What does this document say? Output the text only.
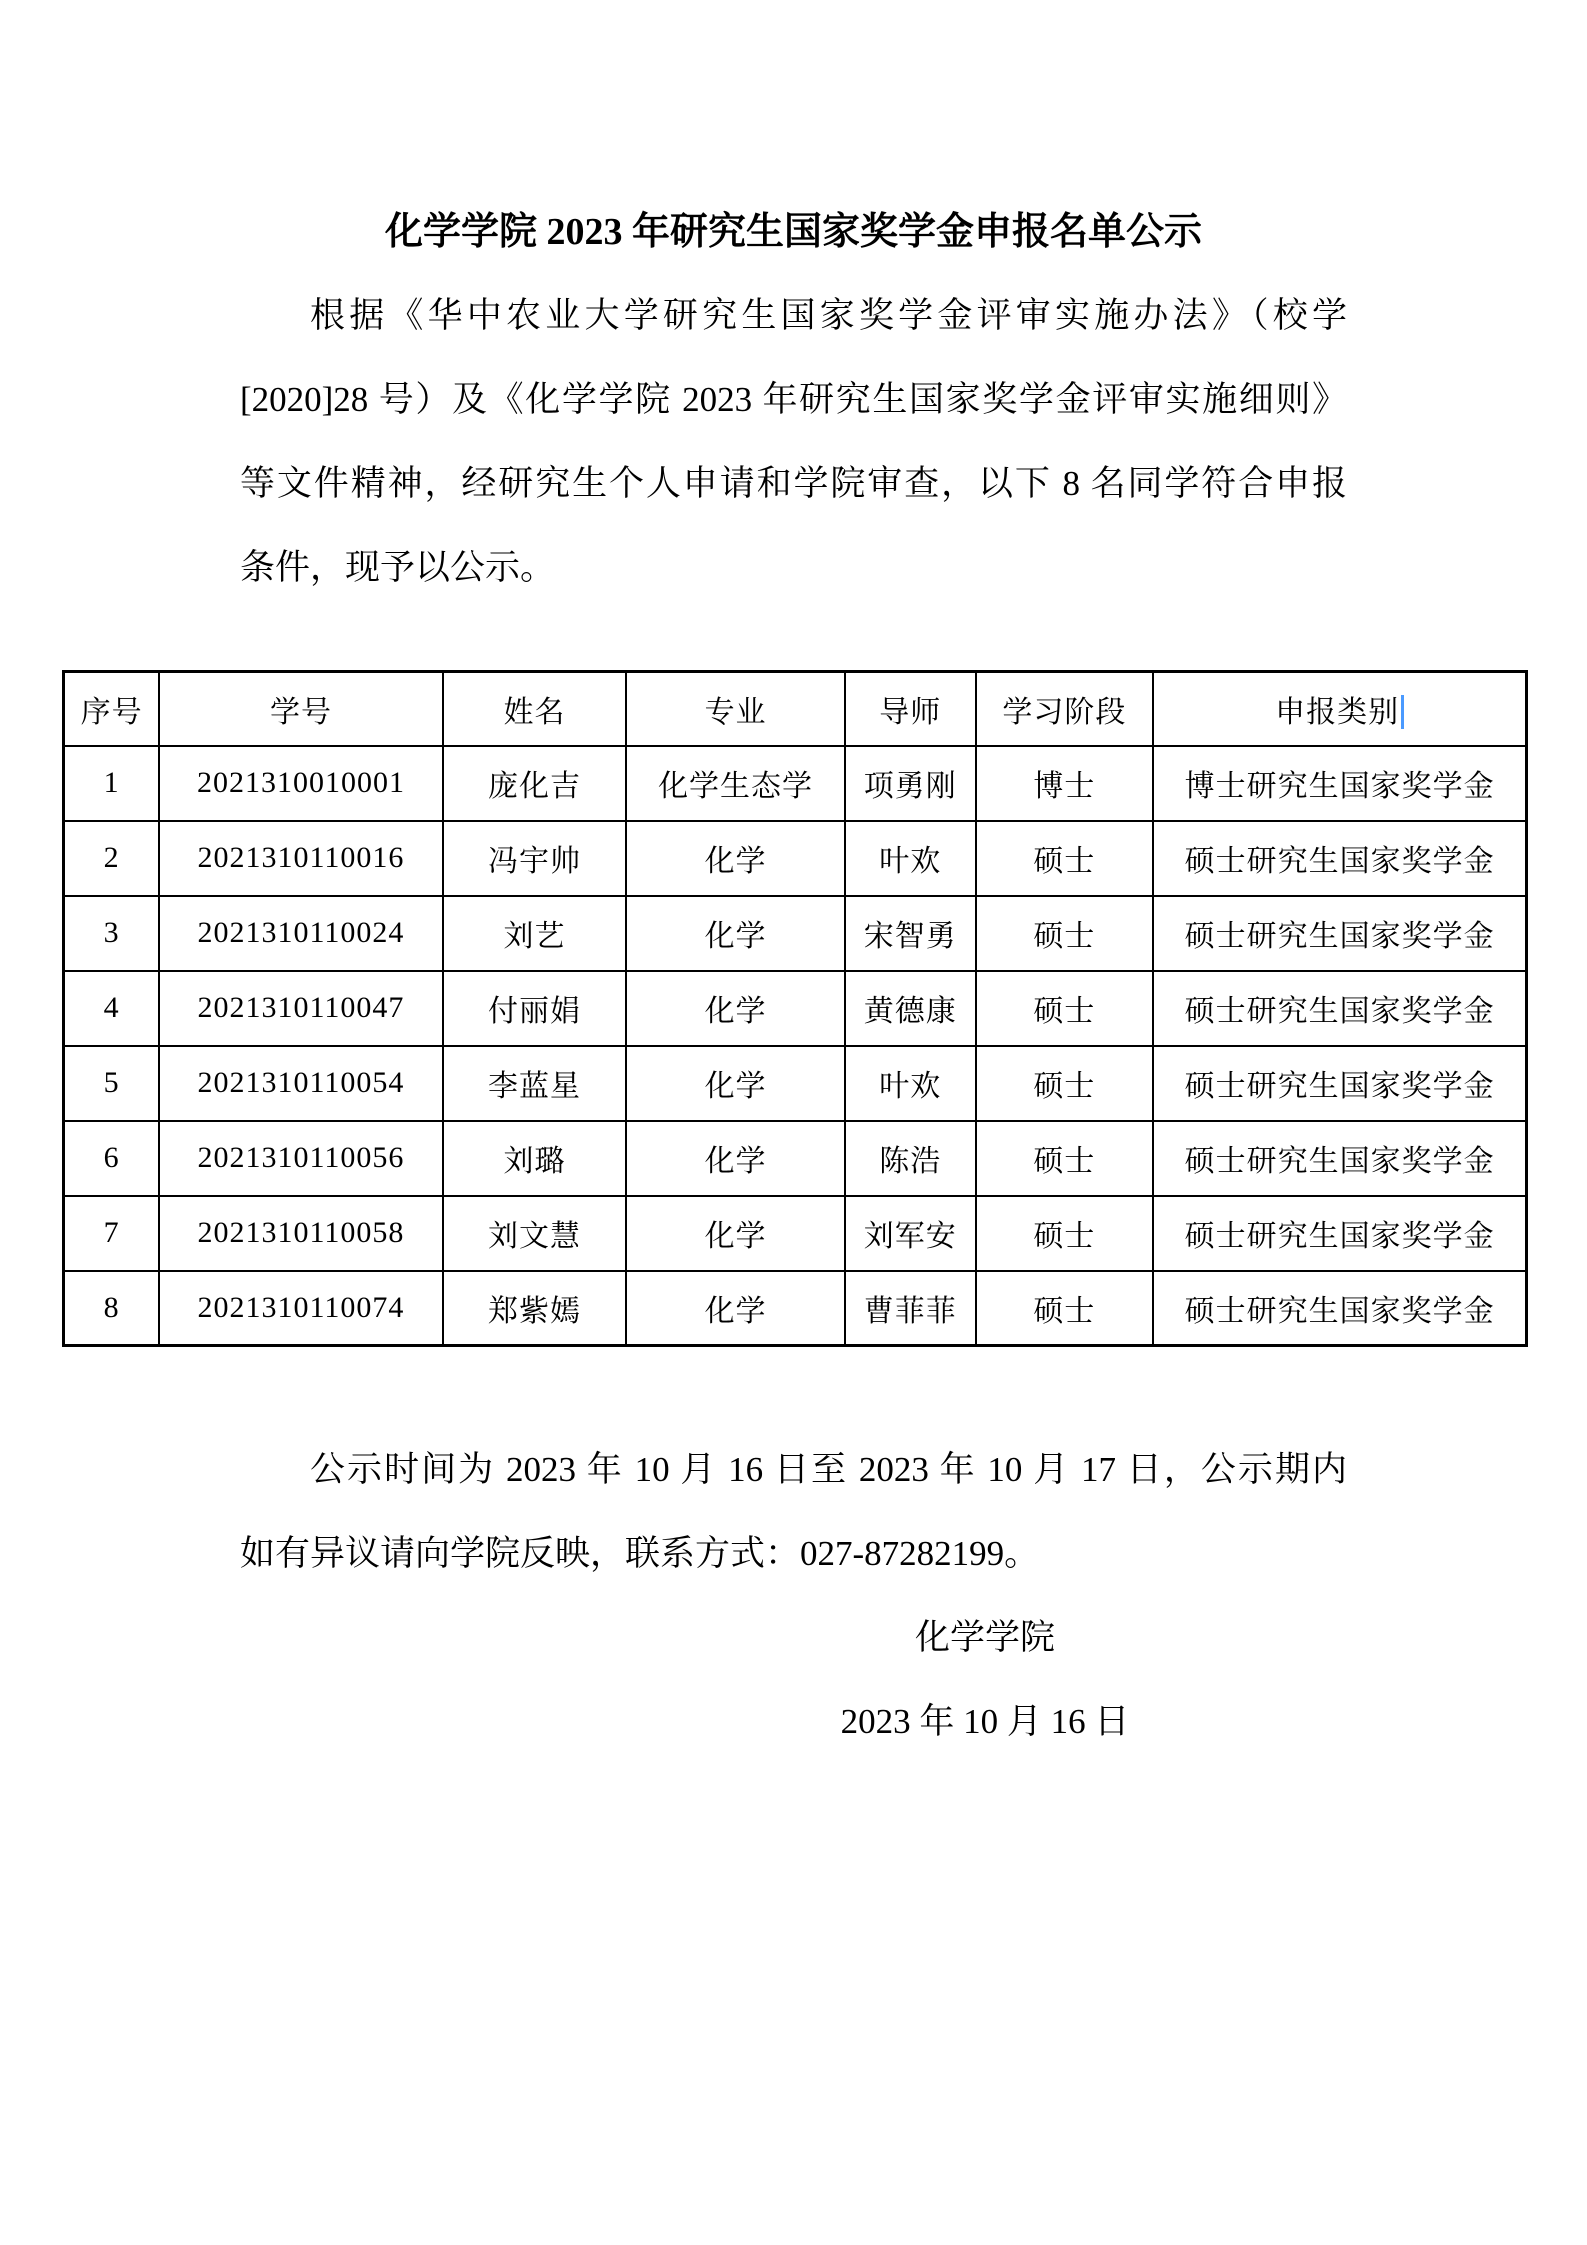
化学学院 2023 年研究生国家奖学金申报名单公示
根据《华中农业大学研究生国家奖学金评审实施办法》（校学
[2020]28 号）及《化学学院 2023 年研究生国家奖学金评审实施细则》
等文件精神，经研究生个人申请和学院审查，以下 8 名同学符合申报
条件，现予以公示。
序号	学号	姓名	专业	导师	学习阶段	申报类别
1	2021310010001	庞化吉	化学生态学	项勇刚	博士	博士研究生国家奖学金
2	2021310110016	冯宇帅	化学	叶欢	硕士	硕士研究生国家奖学金
3	2021310110024	刘艺	化学	宋智勇	硕士	硕士研究生国家奖学金
4	2021310110047	付丽娟	化学	黄德康	硕士	硕士研究生国家奖学金
5	2021310110054	李蓝星	化学	叶欢	硕士	硕士研究生国家奖学金
6	2021310110056	刘璐	化学	陈浩	硕士	硕士研究生国家奖学金
7	2021310110058	刘文慧	化学	刘军安	硕士	硕士研究生国家奖学金
8	2021310110074	郑紫嫣	化学	曹菲菲	硕士	硕士研究生国家奖学金
公示时间为 2023 年 10 月 16 日至 2023 年 10 月 17 日，公示期内
如有异议请向学院反映，联系方式：027-87282199。
化学学院
2023 年 10 月 16 日
